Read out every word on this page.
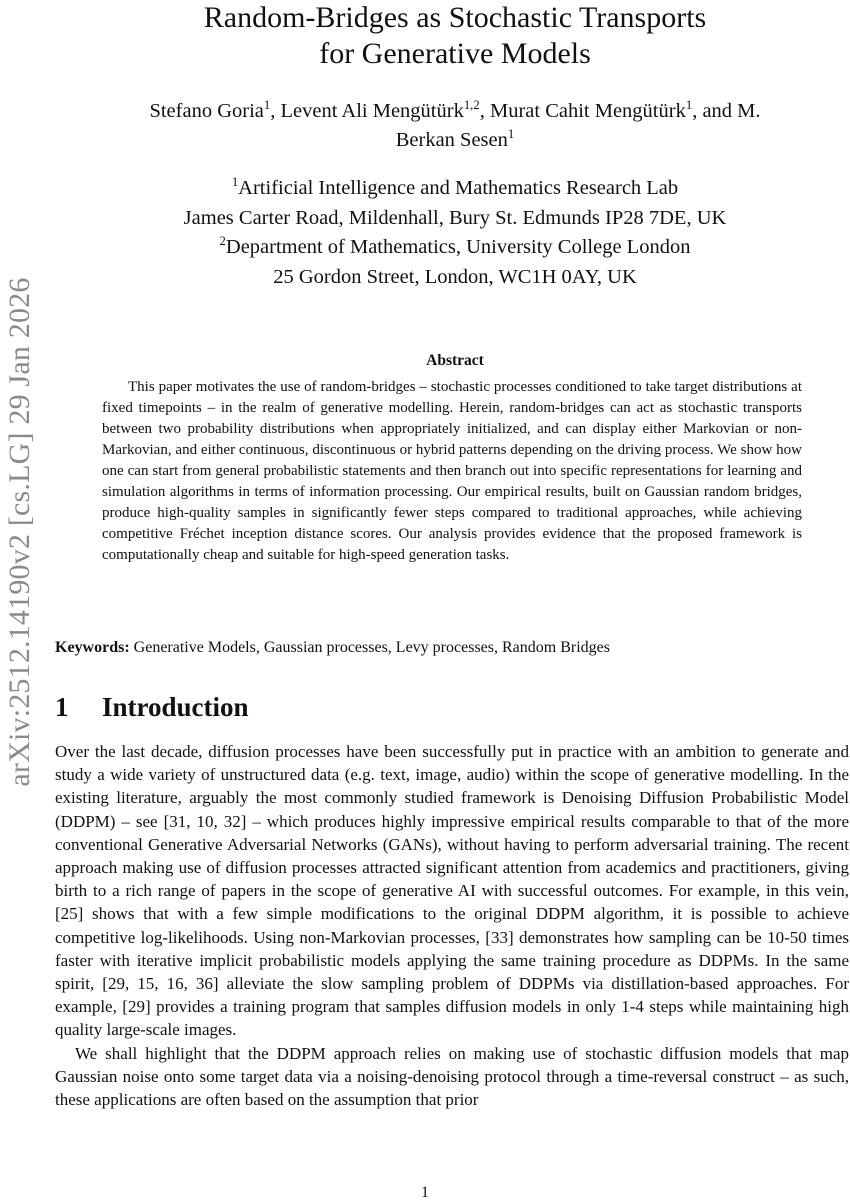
arXiv:2512.14190v2 [cs.LG] 29 Jan 2026
Random-Bridges as Stochastic Transports
for Generative Models
Stefano Goria$^1$, Levent Ali Mengütürk$^{1,2}$, Murat Cahit Mengütürk$^1$, and M.
Berkan Sesen$^1$
$^1$Artificial Intelligence and Mathematics Research Lab
James Carter Road, Mildenhall, Bury St. Edmunds IP28 7DE, UK
$^2$Department of Mathematics, University College London
25 Gordon Street, London, WC1H 0AY, UK
Abstract

This paper motivates the use of random-bridges – stochastic processes conditioned to take target distributions at fixed timepoints – in the realm of generative modelling. Herein, random-bridges can act as stochastic transports between two probability distributions when appropriately initialized, and can display either Markovian or non-Markovian, and either continuous, discontinuous or hybrid patterns depending on the driving process. We show how one can start from general probabilistic statements and then branch out into specific representations for learning and simulation algorithms in terms of information processing. Our empirical results, built on Gaussian random bridges, produce high-quality samples in significantly fewer steps compared to traditional approaches, while achieving competitive Fréchet inception distance scores. Our analysis provides evidence that the proposed framework is computationally cheap and suitable for high-speed generation tasks.

Keywords: Generative Models, Gaussian processes, Levy processes, Random Bridges
1 Introduction

Over the last decade, diffusion processes have been successfully put in practice with an ambition to generate and study a wide variety of unstructured data (e.g. text, image, audio) within the scope of generative modelling. In the existing literature, arguably the most commonly studied framework is Denoising Diffusion Probabilistic Model (DDPM) – see [31, 10, 32] – which produces highly impressive empirical results comparable to that of the more conventional Generative Adversarial Networks (GANs), without having to perform adversarial training. The recent approach making use of diffusion processes attracted significant attention from academics and practitioners, giving birth to a rich range of papers in the scope of generative AI with successful outcomes. For example, in this vein, [25] shows that with a few simple modifications to the original DDPM algorithm, it is possible to achieve competitive log-likelihoods. Using non-Markovian processes, [33] demonstrates how sampling can be 10-50 times faster with iterative implicit probabilistic models applying the same training procedure as DDPMs. In the same spirit, [29, 15, 16, 36] alleviate the slow sampling problem of DDPMs via distillation-based approaches. For example, [29] provides a training program that samples diffusion models in only 1-4 steps while maintaining high quality large-scale images.

We shall highlight that the DDPM approach relies on making use of stochastic diffusion models that map Gaussian noise onto some target data via a noising-denoising protocol through a time-reversal construct – as such, these applications are often based on the assumption that prior

1
